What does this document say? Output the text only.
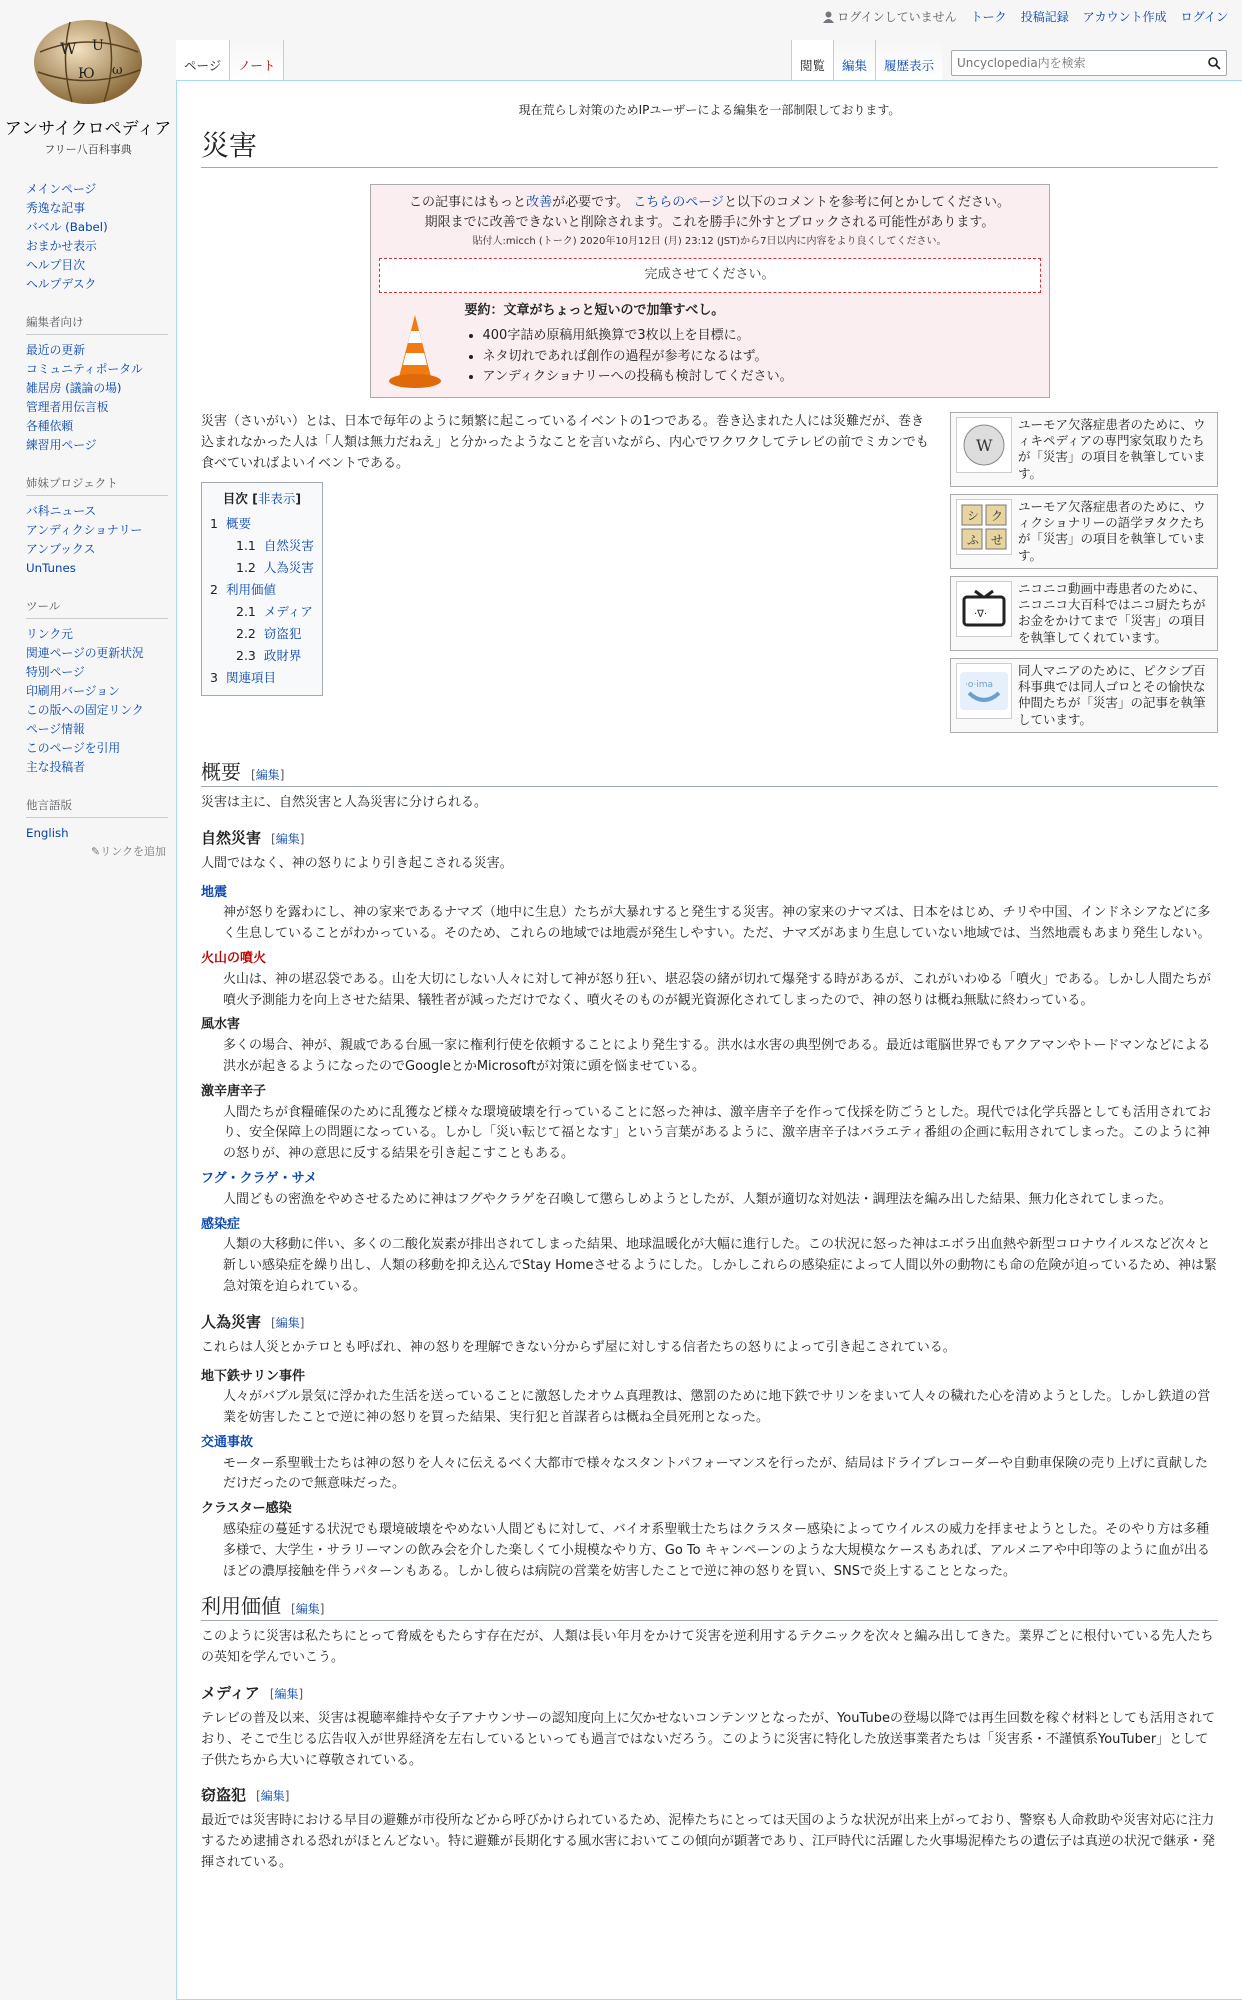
W U
Ю ω
アンサイクロペディア
フリー八百科事典
ログインしていません トーク 投稿記録 アカウント作成 ログイン
ページ	ノート	閲覧	編集	履歴表示
Uncyclopedia内を検索
メインページ
秀逸な記事
バベル (Babel)
おまかせ表示
ヘルプ目次
ヘルプデスク
編集者向け
最近の更新
コミュニティポータル
雑居房 (議論の場)
管理者用伝言板
各種依頼
練習用ページ
姉妹プロジェクト
バ科ニュース
アンディクショナリー
アンブックス
UnTunes
ツール
リンク元
関連ページの更新状況
特別ページ
印刷用バージョン
この版への固定リンク
ページ情報
このページを引用
主な投稿者
他言語版
English
✎リンクを追加
現在荒らし対策のためIPユーザーによる編集を一部制限しております。
災害
この記事にはもっと改善が必要です。 こちらのページと以下のコメントを参考に何とかしてください。
期限までに改善できないと削除されます。これを勝手に外すとブロックされる可能性があります。
貼付人:micch (トーク) 2020年10月12日 (月) 23:12 (JST)から7日以内に内容をより良くしてください。
完成させてください。
要約：文章がちょっと短いので加筆すべし。
• 400字詰め原稿用紙換算で3枚以上を目標に。
• ネタ切れであれば創作の過程が参考になるはず。
• アンディクショナリーへの投稿も検討してください。
W
ユーモア欠落症患者のために、ウィキペディアの専門家気取りたちが「災害」の項目を執筆しています。
シ ク
ふ せ
ユーモア欠落症患者のために、ウィクショナリーの語学ヲタクたちが「災害」の項目を執筆しています。
·∇·
ニコニコ動画中毒患者のために、ニコニコ大百科ではニコ厨たちがお金をかけてまで「災害」の項目を執筆してくれています。
·o·ima
同人マニアのために、ピクシブ百科事典では同人ゴロとその愉快な仲間たちが「災害」の記事を執筆しています。

災害（さいがい）とは、日本で毎年のように頻繁に起こっているイベントの1つである。巻き込まれた人には災難だが、巻き込まれなかった人は「人類は無力だねえ」と分かったようなことを言いながら、内心でワクワクしてテレビの前でミカンでも食べていればよいイベントである。

目次 [非表示]
1 概要
1.1 自然災害
1.2 人為災害
2 利用価値
2.1 メディア
2.2 窃盗犯
2.3 政財界
3 関連項目
概要 [編集]

災害は主に、自然災害と人為災害に分けられる。

自然災害 [編集]

人間ではなく、神の怒りにより引き起こされる災害。

地震
神が怒りを露わにし、神の家来であるナマズ（地中に生息）たちが大暴れすると発生する災害。神の家来のナマズは、日本をはじめ、チリや中国、インドネシアなどに多く生息していることがわかっている。そのため、これらの地域では地震が発生しやすい。ただ、ナマズがあまり生息していない地域では、当然地震もあまり発生しない。
火山の噴火
火山は、神の堪忍袋である。山を大切にしない人々に対して神が怒り狂い、堪忍袋の緒が切れて爆発する時があるが、これがいわゆる「噴火」である。しかし人間たちが噴火予測能力を向上させた結果、犠牲者が減っただけでなく、噴火そのものが観光資源化されてしまったので、神の怒りは概ね無駄に終わっている。
風水害
多くの場合、神が、親戚である台風一家に権利行使を依頼することにより発生する。洪水は水害の典型例である。最近は電脳世界でもアクアマンやトードマンなどによる洪水が起きるようになったのでGoogleとかMicrosoftが対策に頭を悩ませている。
激辛唐辛子
人間たちが食糧確保のために乱獲など様々な環境破壊を行っていることに怒った神は、激辛唐辛子を作って伐採を防ごうとした。現代では化学兵器としても活用されており、安全保障上の問題になっている。しかし「災い転じて福となす」という言葉があるように、激辛唐辛子はバラエティ番組の企画に転用されてしまった。このように神の怒りが、神の意思に反する結果を引き起こすこともある。
フグ・クラゲ・サメ
人間どもの密漁をやめさせるために神はフグやクラゲを召喚して懲らしめようとしたが、人類が適切な対処法・調理法を編み出した結果、無力化されてしまった。
感染症
人類の大移動に伴い、多くの二酸化炭素が排出されてしまった結果、地球温暖化が大幅に進行した。この状況に怒った神はエボラ出血熱や新型コロナウイルスなど次々と新しい感染症を繰り出し、人類の移動を抑え込んでStay Homeさせるようにした。しかしこれらの感染症によって人間以外の動物にも命の危険が迫っているため、神は緊急対策を迫られている。
人為災害 [編集]

これらは人災とかテロとも呼ばれ、神の怒りを理解できない分からず屋に対しする信者たちの怒りによって引き起こされている。

地下鉄サリン事件
人々がバブル景気に浮かれた生活を送っていることに激怒したオウム真理教は、懲罰のために地下鉄でサリンをまいて人々の穢れた心を清めようとした。しかし鉄道の営業を妨害したことで逆に神の怒りを買った結果、実行犯と首謀者らは概ね全員死刑となった。
交通事故
モーター系聖戦士たちは神の怒りを人々に伝えるべく大都市で様々なスタントパフォーマンスを行ったが、結局はドライブレコーダーや自動車保険の売り上げに貢献しただけだったので無意味だった。
クラスター感染
感染症の蔓延する状況でも環境破壊をやめない人間どもに対して、バイオ系聖戦士たちはクラスター感染によってウイルスの威力を拝ませようとした。そのやり方は多種多様で、大学生・サラリーマンの飲み会を介した楽しくて小規模なやり方、Go To キャンペーンのような大規模なケースもあれば、アルメニアや中印等のように血が出るほどの濃厚接触を伴うパターンもある。しかし彼らは病院の営業を妨害したことで逆に神の怒りを買い、SNSで炎上することとなった。
利用価値 [編集]

このように災害は私たちにとって脅威をもたらす存在だが、人類は長い年月をかけて災害を逆利用するテクニックを次々と編み出してきた。業界ごとに根付いている先人たちの英知を学んでいこう。

メディア [編集]

テレビの普及以来、災害は視聴率維持や女子アナウンサーの認知度向上に欠かせないコンテンツとなったが、YouTubeの登場以降では再生回数を稼ぐ材料としても活用されており、そこで生じる広告収入が世界経済を左右しているといっても過言ではないだろう。このように災害に特化した放送事業者たちは「災害系・不謹慎系YouTuber」として子供たちから大いに尊敬されている。

窃盗犯 [編集]

最近では災害時における早目の避難が市役所などから呼びかけられているため、泥棒たちにとっては天国のような状況が出来上がっており、警察も人命救助や災害対応に注力するため逮捕される恐れがほとんどない。特に避難が長期化する風水害においてこの傾向が顕著であり、江戸時代に活躍した火事場泥棒たちの遺伝子は真逆の状況で継承・発揮されている。
